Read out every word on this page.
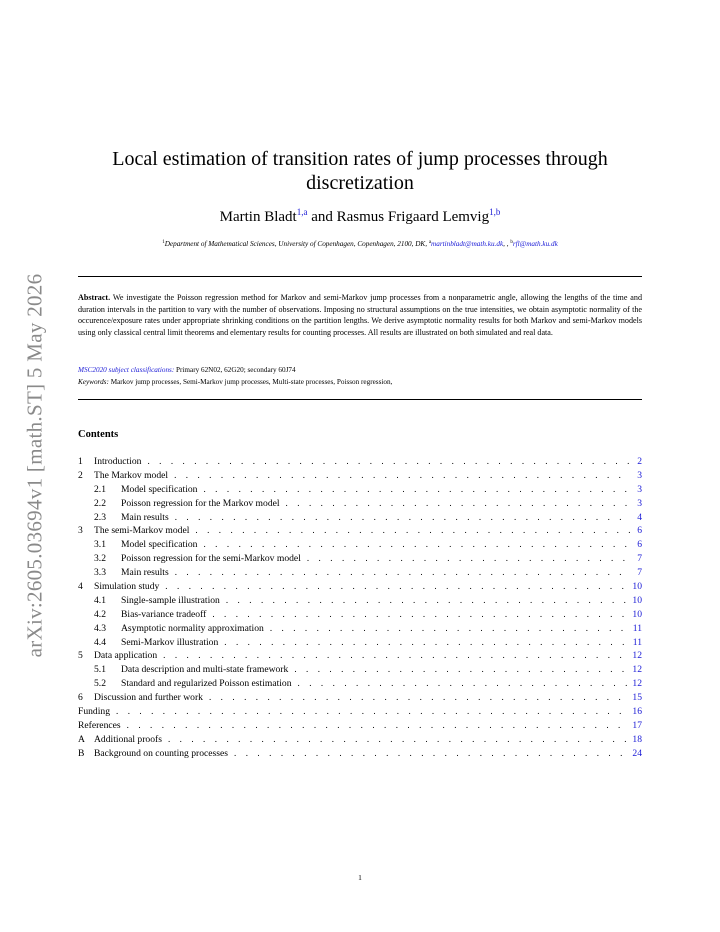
arXiv:2605.03694v1 [math.ST] 5 May 2026
Local estimation of transition rates of jump processes through discretization
Martin Bladt$^{1,a}$ and Rasmus Frigaard Lemvig$^{1,b}$
$^1$Department of Mathematical Sciences, University of Copenhagen, Copenhagen, 2100, DK, $^a$martinbladt@math.ku.dk, , $^b$rfl@math.ku.dk
Abstract. We investigate the Poisson regression method for Markov and semi-Markov jump processes from a nonparametric angle, allowing the lengths of the time and duration intervals in the partition to vary with the number of observations. Imposing no structural assumptions on the true intensities, we obtain asymptotic normality of the occurence/exposure rates under appropriate shrinking conditions on the partition lengths. We derive asymptotic normality results for both Markov and semi-Markov models using only classical central limit theorems and elementary results for counting processes. All results are illustrated on both simulated and real data.
MSC2020 subject classifications: Primary 62N02, 62G20; secondary 60J74
Keywords: Markov jump processes, Semi-Markov jump processes, Multi-state processes, Poisson regression,
Contents
1	Introduction . . .	2
2	The Markov model . . .	3
2.1	Model specification . . .	3
2.2	Poisson regression for the Markov model . . .	3
2.3	Main results . . .	4
3	The semi-Markov model . . .	6
3.1	Model specification . . .	6
3.2	Poisson regression for the semi-Markov model . . .	7
3.3	Main results . . .	7
4	Simulation study . . .	10
4.1	Single-sample illustration . . .	10
4.2	Bias-variance tradeoff . . .	10
4.3	Asymptotic normality approximation . . .	11
4.4	Semi-Markov illustration . . .	11
5	Data application . . .	12
5.1	Data description and multi-state framework . . .	12
5.2	Standard and regularized Poisson estimation . . .	12
6	Discussion and further work . . .	15
Funding . . .	16
References . . .	17
A Additional proofs . . .	18
B Background on counting processes . . .	24
1
